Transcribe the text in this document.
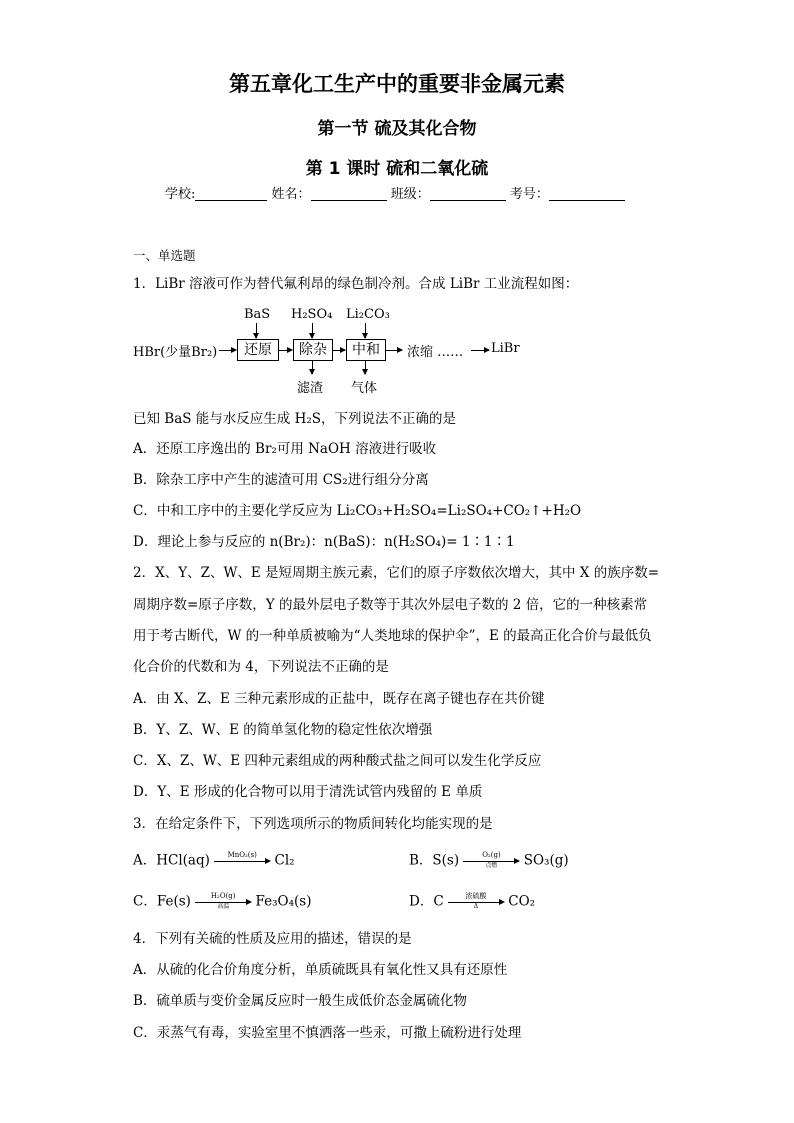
第五章化工生产中的重要非金属元素
第一节 硫及其化合物
第 1 课时 硫和二氧化硫
学校:	姓名：	班级：	考号：
一、单选题
1．LiBr 溶液可作为替代氟利昂的绿色制冷剂。合成 LiBr 工业流程如图：
HBr(少量Br₂)	还原	除杂	中和	浓缩 …… LiBr
BaS H₂SO₄ Li₂CO₃
滤渣 气体
已知 BaS 能与水反应生成 H₂S，下列说法不正确的是
A．还原工序逸出的 Br₂可用 NaOH 溶液进行吸收
B．除杂工序中产生的滤渣可用 CS₂进行组分分离
C．中和工序中的主要化学反应为 Li₂CO₃+H₂SO₄=Li₂SO₄+CO₂↑+H₂O
D．理论上参与反应的 n(Br₂)：n(BaS)：n(H₂SO₄)= 1∶1∶1
2．X、Y、Z、W、E 是短周期主族元素，它们的原子序数依次增大，其中 X 的族序数=
周期序数=原子序数，Y 的最外层电子数等于其次外层电子数的 2 倍，它的一种核素常
用于考古断代，W 的一种单质被喻为“人类地球的保护伞”，E 的最高正化合价与最低负
化合价的代数和为 4，下列说法不正确的是
A．由 X、Z、E 三种元素形成的正盐中，既存在离子键也存在共价键
B．Y、Z、W、E 的简单氢化物的稳定性依次增强
C．X、Z、W、E 四种元素组成的两种酸式盐之间可以发生化学反应
D．Y、E 形成的化合物可以用于清洗试管内残留的 E 单质
3．在给定条件下，下列选项所示的物质间转化均能实现的是
A．HCl(aq)	MnO₂(s)	Cl₂	B．S(s)	O₂(g)
点燃	SO₃(g)
C．Fe(s)	H₂O(g)
高温	Fe₃O₄(s)	D．C	浓硫酸
Δ	CO₂
4．下列有关硫的性质及应用的描述，错误的是
A．从硫的化合价角度分析，单质硫既具有氧化性又具有还原性
B．硫单质与变价金属反应时一般生成低价态金属硫化物
C．汞蒸气有毒，实验室里不慎洒落一些汞，可撒上硫粉进行处理
